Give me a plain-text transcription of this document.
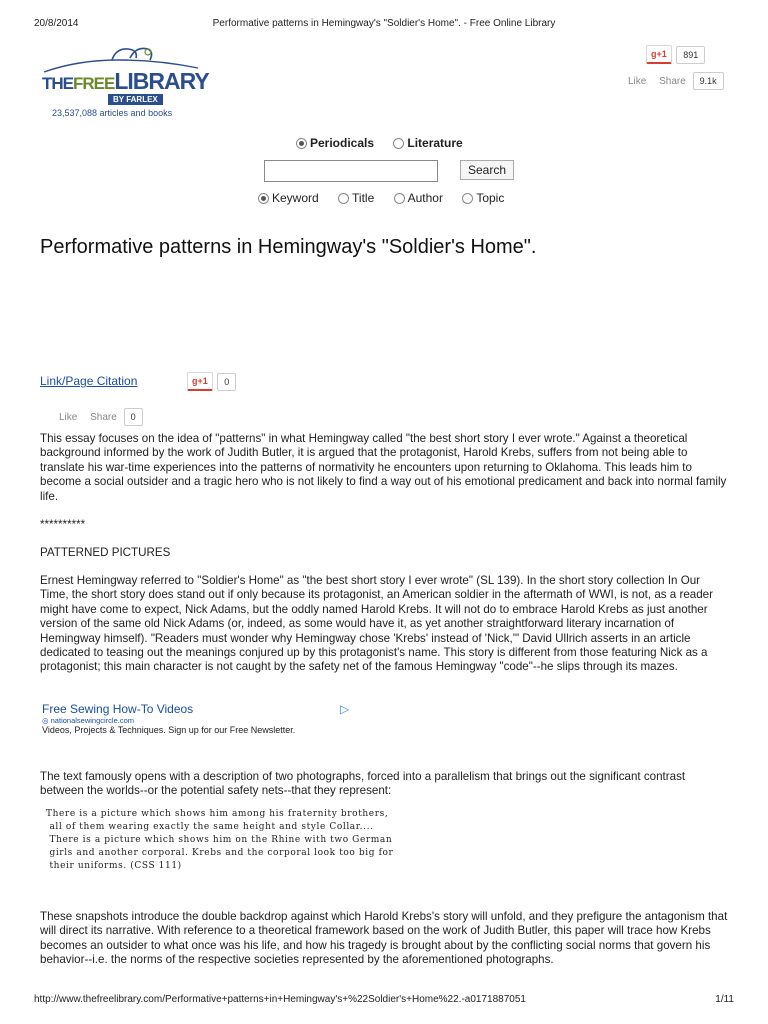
20/8/2014	Performative patterns in Hemingway's "Soldier's Home". - Free Online Library
THEFREELIBRARY
BY FARLEX
23,537,088 articles and books
g+1 891
Like Share 9.1k
Periodicals	Literature
Search
Keyword	Title	Author	Topic
Performative patterns in Hemingway's "Soldier's Home".
Link/Page Citation	g+1 0
Like Share 0

This essay focuses on the idea of "patterns" in what Hemingway called "the best short story I ever wrote." Against a theoretical background informed by the work of Judith Butler, it is argued that the protagonist, Harold Krebs, suffers from not being able to translate his war-time experiences into the patterns of normativity he encounters upon returning to Oklahoma. This leads him to become a social outsider and a tragic hero who is not likely to find a way out of his emotional predicament and back into normal family life.

**********

PATTERNED PICTURES

Ernest Hemingway referred to "Soldier's Home" as "the best short story I ever wrote" (SL 139). In the short story collection In Our Time, the short story does stand out if only because its protagonist, an American soldier in the aftermath of WWI, is not, as a reader might have come to expect, Nick Adams, but the oddly named Harold Krebs. It will not do to embrace Harold Krebs as just another version of the same old Nick Adams (or, indeed, as some would have it, as yet another straightforward literary incarnation of Hemingway himself). "Readers must wonder why Hemingway chose 'Krebs' instead of 'Nick,'" David Ullrich asserts in an article dedicated to teasing out the meanings conjured up by this protagonist's name. This story is different from those featuring Nick as a protagonist; this main character is not caught by the safety net of the famous Hemingway "code"--he slips through its mazes.

Free Sewing How-To Videos
◎ nationalsewingcircle.com
Videos, Projects & Techniques. Sign up for our Free Newsletter.
▷

The text famously opens with a description of two photographs, forced into a parallelism that brings out the significant contrast between the worlds--or the potential safety nets--that they represent:

There is a picture which shows him among his fraternity brothers,
all of them wearing exactly the same height and style Collar....
There is a picture which shows him on the Rhine with two German
girls and another corporal. Krebs and the corporal look too big for
their uniforms. (CSS 111)

These snapshots introduce the double backdrop against which Harold Krebs's story will unfold, and they prefigure the antagonism that will direct its narrative. With reference to a theoretical framework based on the work of Judith Butler, this paper will trace how Krebs becomes an outsider to what once was his life, and how his tragedy is brought about by the conflicting social norms that govern his behavior--i.e. the norms of the respective societies represented by the aforementioned photographs.

http://www.thefreelibrary.com/Performative+patterns+in+Hemingway's+%22Soldier's+Home%22.-a0171887051	1/11
